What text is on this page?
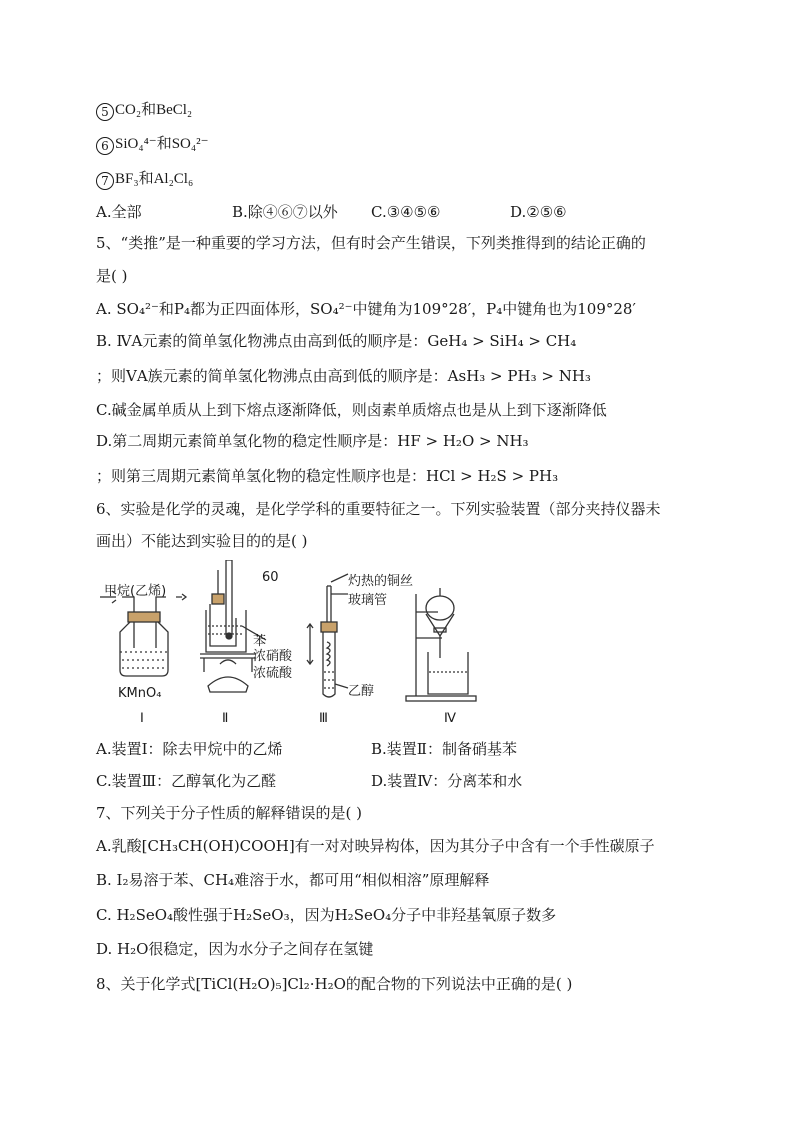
5 CO₂和BeCl₂
6 SiO₄⁴⁻和SO₄²⁻
7 BF₃和Al₂Cl₆
A.全部	B.除④⑥⑦以外 C.③④⑤⑥	D.②⑤⑥
5、“类推”是一种重要的学习方法，但有时会产生错误，下列类推得到的结论正确的
是( )
A. SO₄²⁻和P₄都为正四面体形，SO₄²⁻中键角为109°28′，P₄中键角也为109°28′
B. ⅣA元素的简单氢化物沸点由高到低的顺序是：GeH₄ > SiH₄ > CH₄
；则ⅤA族元素的简单氢化物沸点由高到低的顺序是：AsH₃ > PH₃ > NH₃
C.碱金属单质从上到下熔点逐渐降低，则卤素单质熔点也是从上到下逐渐降低
D.第二周期元素简单氢化物的稳定性顺序是：HF > H₂O > NH₃
；则第三周期元素简单氢化物的稳定性顺序也是：HCl > H₂S > PH₃
6、实验是化学的灵魂，是化学学科的重要特征之一。下列实验装置（部分夹持仪器未
画出）不能达到实验目的的是( )
甲烷(乙烯)
KMnO₄
60
苯
浓硝酸
浓硫酸
灼热的铜丝
玻璃管
乙醇
Ⅰ	Ⅱ	Ⅲ	Ⅳ
A.装置Ⅰ：除去甲烷中的乙烯	B.装置Ⅱ：制备硝基苯
C.装置Ⅲ：乙醇氧化为乙醛	D.装置Ⅳ：分离苯和水
7、下列关于分子性质的解释错误的是( )
A.乳酸[CH₃CH(OH)COOH]有一对对映异构体，因为其分子中含有一个手性碳原子
B. I₂易溶于苯、CH₄难溶于水，都可用“相似相溶”原理解释
C. H₂SeO₄酸性强于H₂SeO₃，因为H₂SeO₄分子中非羟基氧原子数多
D. H₂O很稳定，因为水分子之间存在氢键
8、关于化学式[TiCl(H₂O)₅]Cl₂·H₂O的配合物的下列说法中正确的是( )
